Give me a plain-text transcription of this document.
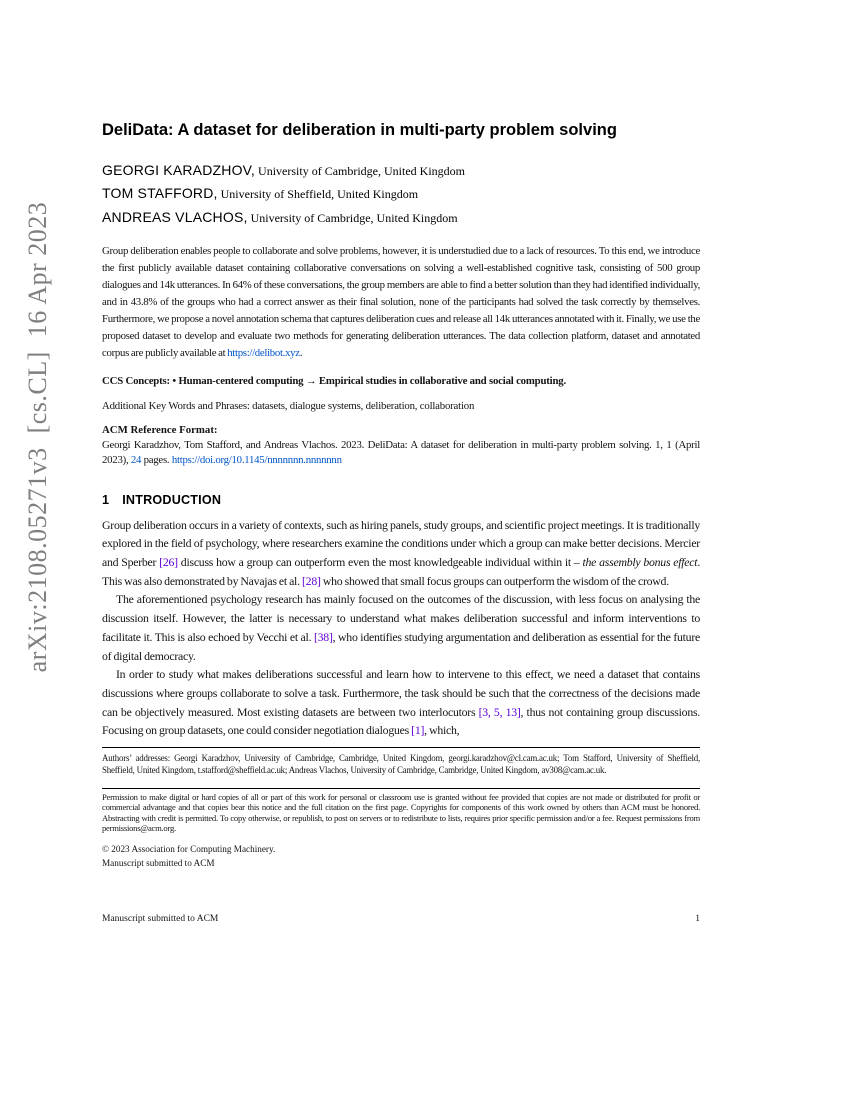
arXiv:2108.05271v3  [cs.CL]  16 Apr 2023
DeliData: A dataset for deliberation in multi-party problem solving
GEORGI KARADZHOV, University of Cambridge, United Kingdom
TOM STAFFORD, University of Sheffield, United Kingdom
ANDREAS VLACHOS, University of Cambridge, United Kingdom

Group deliberation enables people to collaborate and solve problems, however, it is understudied due to a lack of resources. To this end, we introduce the first publicly available dataset containing collaborative conversations on solving a well-established cognitive task, consisting of 500 group dialogues and 14k utterances. In 64% of these conversations, the group members are able to find a better solution than they had identified individually, and in 43.8% of the groups who had a correct answer as their final solution, none of the participants had solved the task correctly by themselves. Furthermore, we propose a novel annotation schema that captures deliberation cues and release all 14k utterances annotated with it. Finally, we use the proposed dataset to develop and evaluate two methods for generating deliberation utterances. The data collection platform, dataset and annotated corpus are publicly available at https://delibot.xyz.

CCS Concepts: • Human-centered computing → Empirical studies in collaborative and social computing.

Additional Key Words and Phrases: datasets, dialogue systems, deliberation, collaboration

ACM Reference Format:

Georgi Karadzhov, Tom Stafford, and Andreas Vlachos. 2023. DeliData: A dataset for deliberation in multi-party problem solving. 1, 1 (April 2023), 24 pages. https://doi.org/10.1145/nnnnnnn.nnnnnnn

1 INTRODUCTION

Group deliberation occurs in a variety of contexts, such as hiring panels, study groups, and scientific project meetings. It is traditionally explored in the field of psychology, where researchers examine the conditions under which a group can make better decisions. Mercier and Sperber [26] discuss how a group can outperform even the most knowledgeable individual within it – the assembly bonus effect. This was also demonstrated by Navajas et al. [28] who showed that small focus groups can outperform the wisdom of the crowd.

The aforementioned psychology research has mainly focused on the outcomes of the discussion, with less focus on analysing the discussion itself. However, the latter is necessary to understand what makes deliberation successful and inform interventions to facilitate it. This is also echoed by Vecchi et al. [38], who identifies studying argumentation and deliberation as essential for the future of digital democracy.

In order to study what makes deliberations successful and learn how to intervene to this effect, we need a dataset that contains discussions where groups collaborate to solve a task. Furthermore, the task should be such that the correctness of the decisions made can be objectively measured. Most existing datasets are between two interlocutors [3, 5, 13], thus not containing group discussions. Focusing on group datasets, one could consider negotiation dialogues [1], which,

Authors’ addresses: Georgi Karadzhov, University of Cambridge, Cambridge, United Kingdom, georgi.karadzhov@cl.cam.ac.uk; Tom Stafford, University of Sheffield, Sheffield, United Kingdom, t.stafford@sheffield.ac.uk; Andreas Vlachos, University of Cambridge, Cambridge, United Kingdom, av308@cam.ac.uk.

Permission to make digital or hard copies of all or part of this work for personal or classroom use is granted without fee provided that copies are not made or distributed for profit or commercial advantage and that copies bear this notice and the full citation on the first page. Copyrights for components of this work owned by others than ACM must be honored. Abstracting with credit is permitted. To copy otherwise, or republish, to post on servers or to redistribute to lists, requires prior specific permission and/or a fee. Request permissions from permissions@acm.org.

© 2023 Association for Computing Machinery.

Manuscript submitted to ACM

Manuscript submitted to ACM	1
